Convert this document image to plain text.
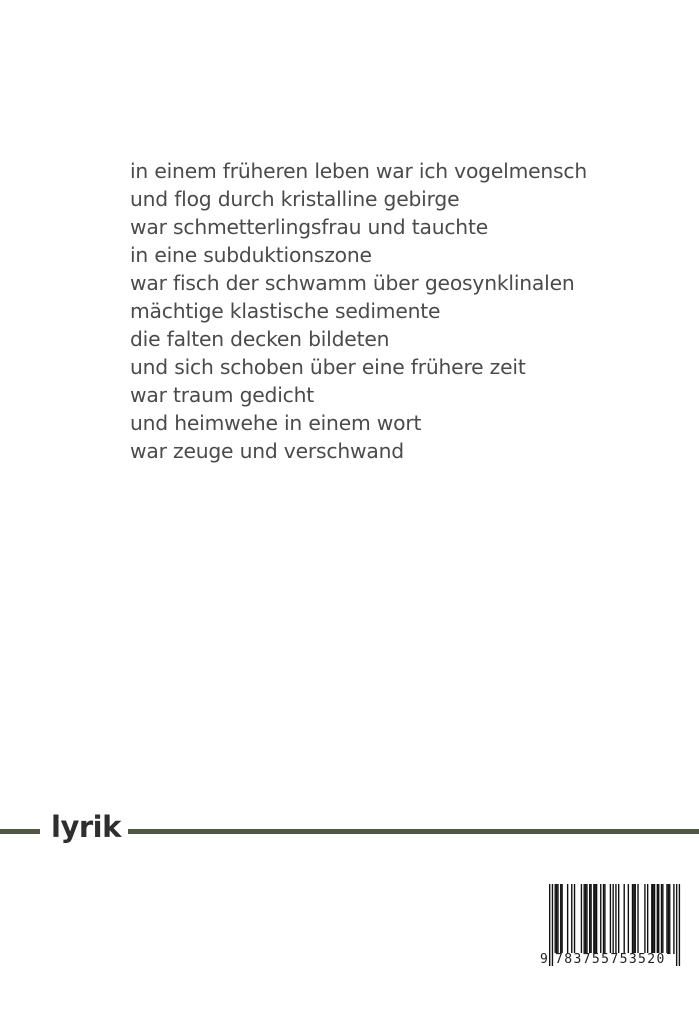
in einem früheren leben war ich vogelmensch
und flog durch kristalline gebirge
war schmetterlingsfrau und tauchte
in eine subduktionszone
war fisch der schwamm über geosynklinalen
mächtige klastische sedimente
die falten decken bildeten
und sich schoben über eine frühere zeit
war traum gedicht
und heimwehe in einem wort
war zeuge und verschwand
lyrik
9 783755753520
